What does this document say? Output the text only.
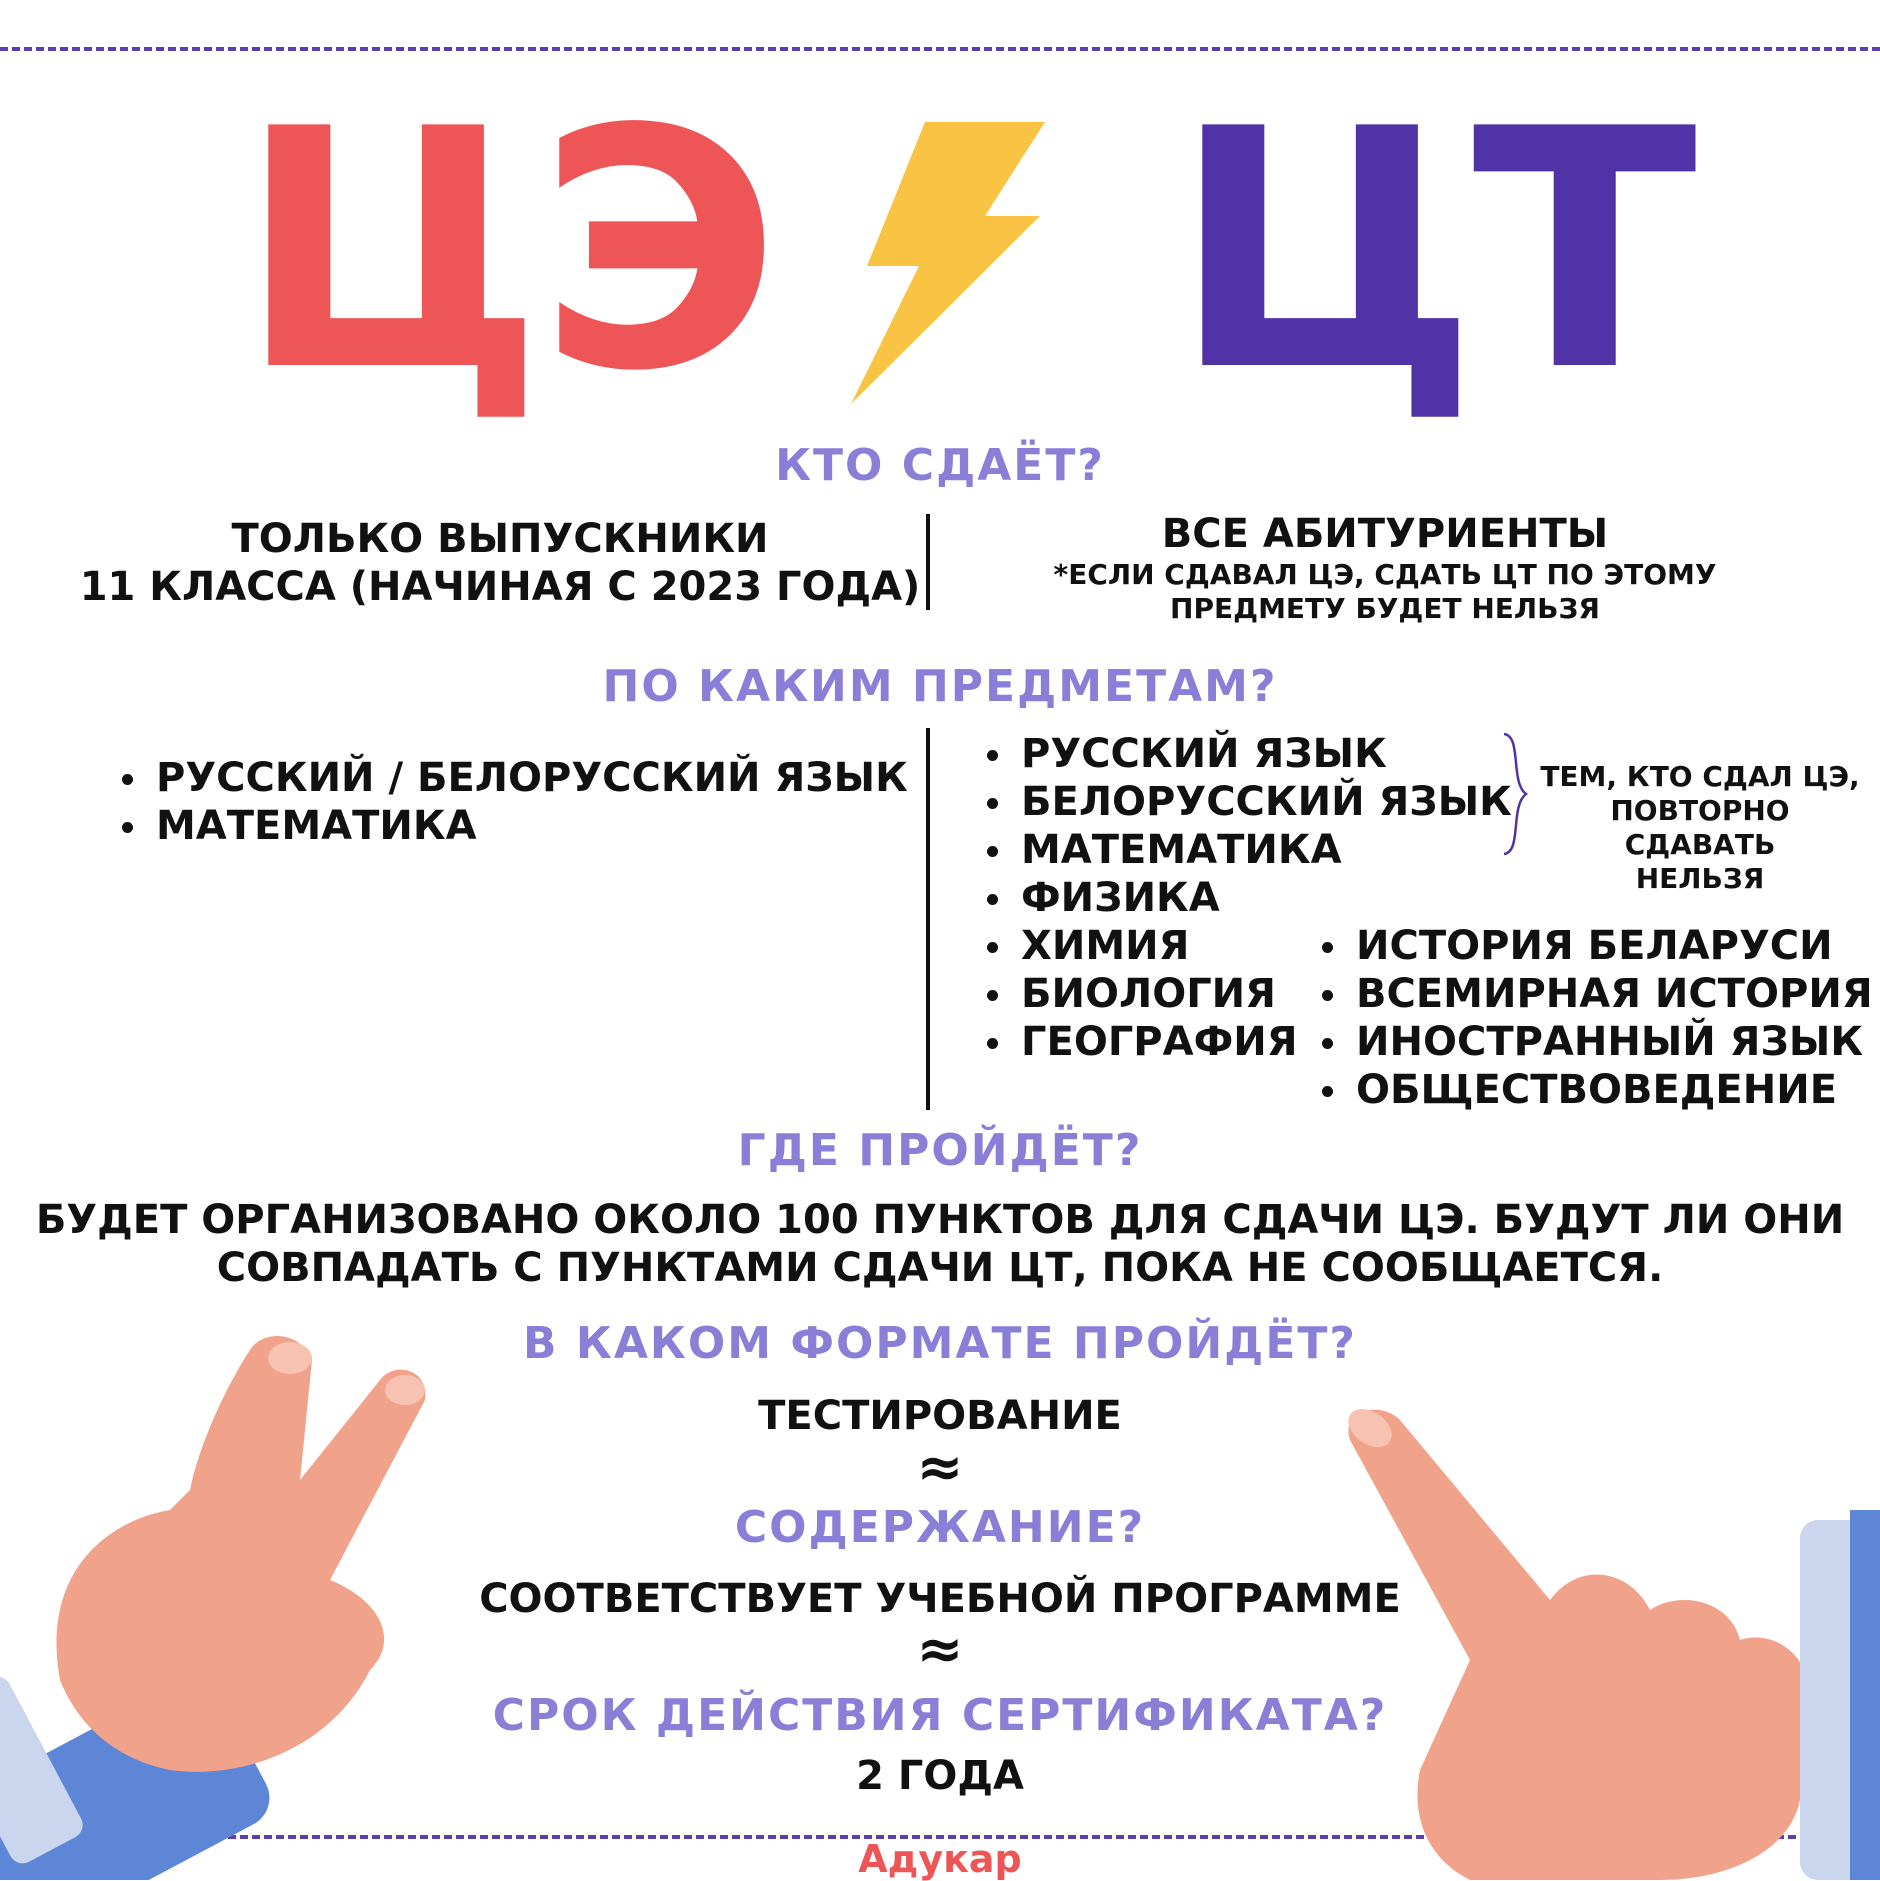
ЦЭ ЦТ
КТО СДАЁТ?
ТОЛЬКО ВЫПУСКНИКИ
11 КЛАССА (НАЧИНАЯ С 2023 ГОДА)
ВСЕ АБИТУРИЕНТЫ
*ЕСЛИ СДАВАЛ ЦЭ, СДАТЬ ЦТ ПО ЭТОМУ
ПРЕДМЕТУ БУДЕТ НЕЛЬЗЯ
ПО КАКИМ ПРЕДМЕТАМ?
РУССКИЙ / БЕЛОРУССКИЙ ЯЗЫК
МАТЕМАТИКА
РУССКИЙ ЯЗЫК
БЕЛОРУССКИЙ ЯЗЫК
МАТЕМАТИКА
ФИЗИКА
ХИМИЯ
БИОЛОГИЯ
ГЕОГРАФИЯ
ИСТОРИЯ БЕЛАРУСИ
ВСЕМИРНАЯ ИСТОРИЯ
ИНОСТРАННЫЙ ЯЗЫК
ОБЩЕСТВОВЕДЕНИЕ
ТЕМ, КТО СДАЛ ЦЭ,
ПОВТОРНО СДАВАТЬ
НЕЛЬЗЯ
ГДЕ ПРОЙДЁТ?
БУДЕТ ОРГАНИЗОВАНО ОКОЛО 100 ПУНКТОВ ДЛЯ СДАЧИ ЦЭ. БУДУТ ЛИ ОНИ
СОВПАДАТЬ С ПУНКТАМИ СДАЧИ ЦТ, ПОКА НЕ СООБЩАЕТСЯ.
В КАКОМ ФОРМАТЕ ПРОЙДЁТ?
ТЕСТИРОВАНИЕ
≈
СОДЕРЖАНИЕ?
СООТВЕТСТВУЕТ УЧЕБНОЙ ПРОГРАММЕ
≈
СРОК ДЕЙСТВИЯ СЕРТИФИКАТА?
2 ГОДА
Адукар
